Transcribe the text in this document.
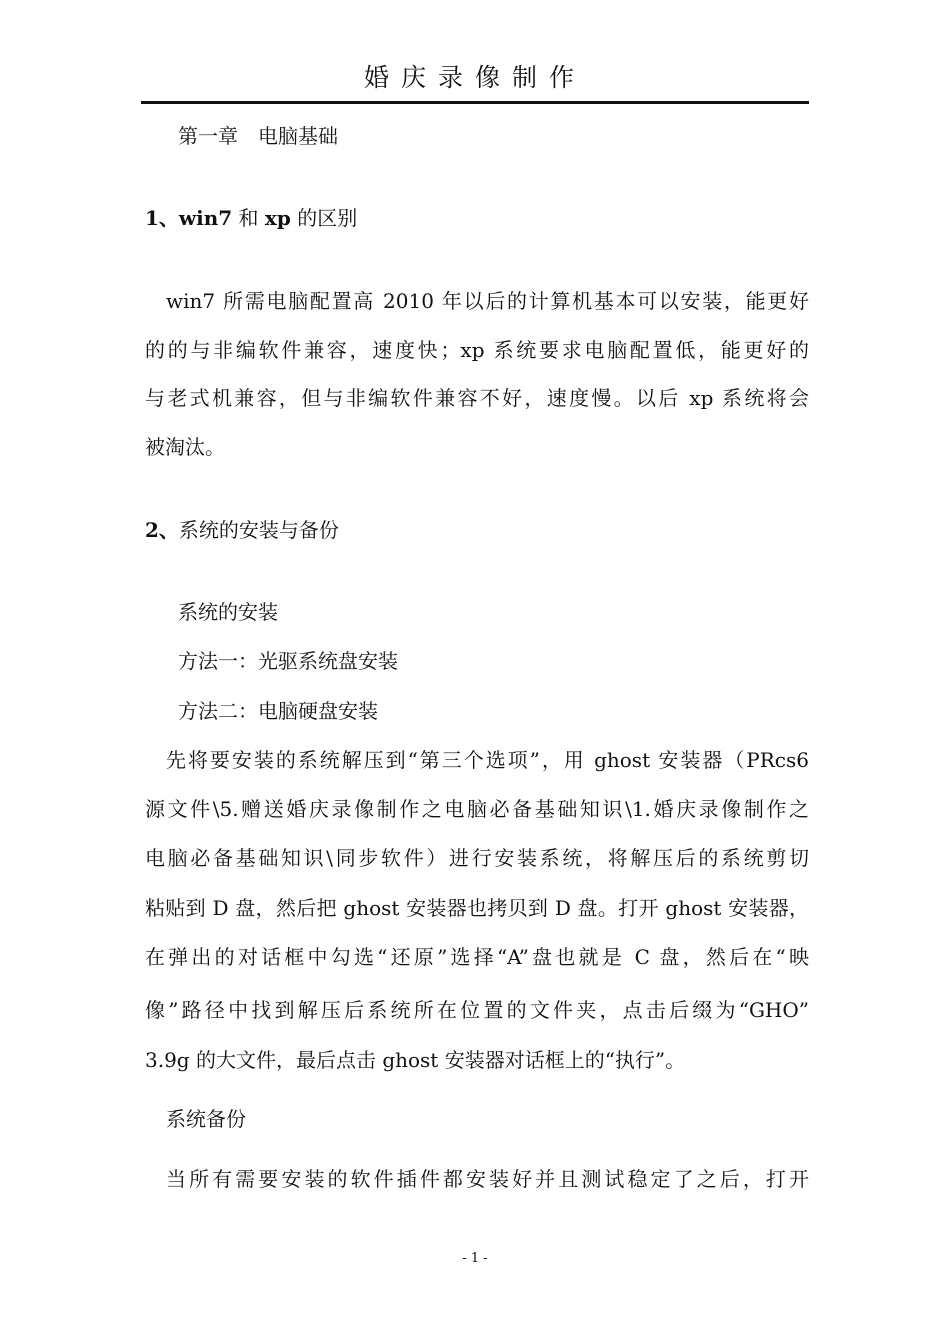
婚庆录像制作
第一章　电脑基础
1、win7 和 xp 的区别
win7 所需电脑配置高 2010 年以后的计算机基本可以安装，能更好
的的与非编软件兼容，速度快；xp 系统要求电脑配置低，能更好的
与老式机兼容，但与非编软件兼容不好，速度慢。以后 xp 系统将会
被淘汰。
2、系统的安装与备份
系统的安装
方法一：光驱系统盘安装
方法二：电脑硬盘安装
先将要安装的系统解压到“第三个选项”，用 ghost 安装器（PRcs6
源文件\5.赠送婚庆录像制作之电脑必备基础知识\1.婚庆录像制作之
电脑必备基础知识\同步软件）进行安装系统，将解压后的系统剪切
粘贴到 D 盘，然后把 ghost 安装器也拷贝到 D 盘。打开 ghost 安装器，
在弹出的对话框中勾选“还原”选择“A”盘也就是 C 盘，然后在“映
像”路径中找到解压后系统所在位置的文件夹，点击后缀为“GHO”
3.9g 的大文件，最后点击 ghost 安装器对话框上的“执行”。
系统备份
当所有需要安装的软件插件都安装好并且测试稳定了之后，打开
- 1 -
